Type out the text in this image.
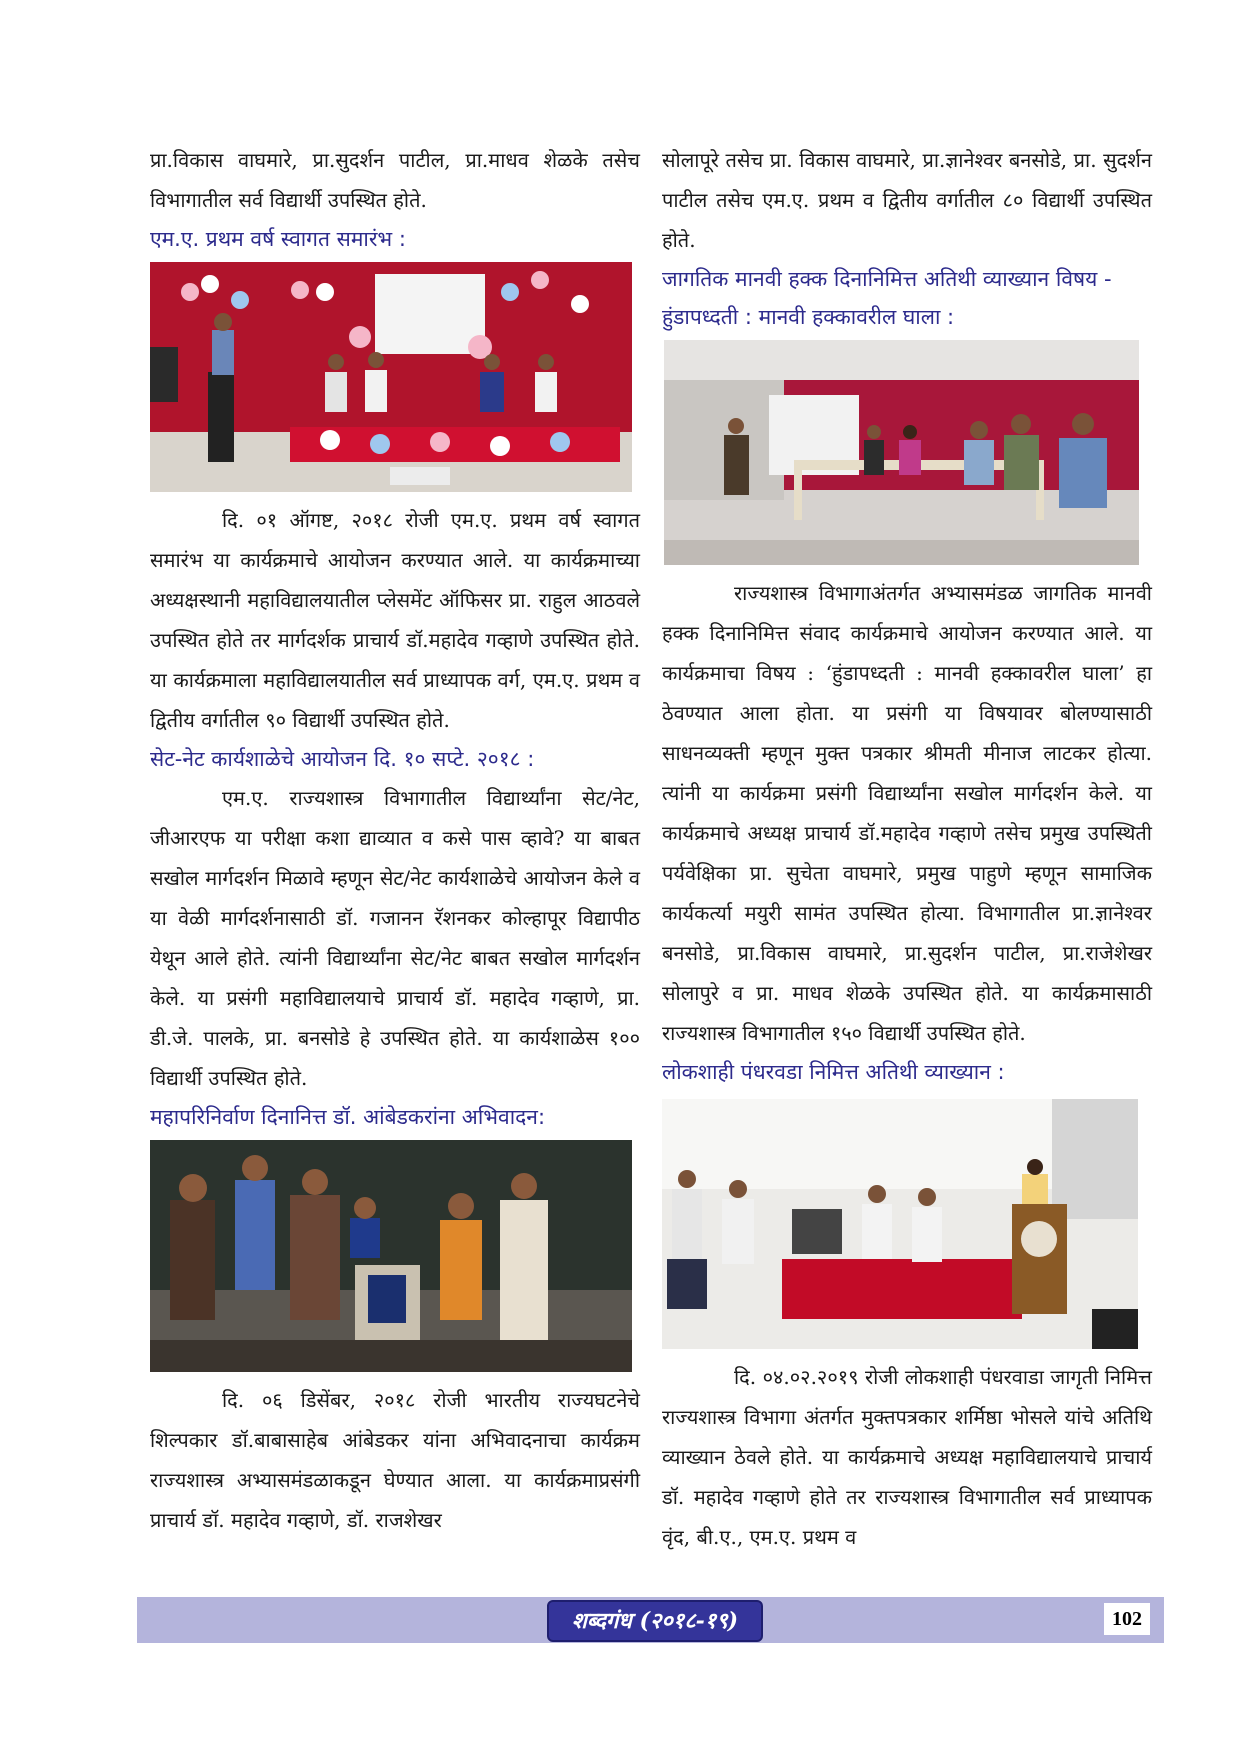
प्रा.विकास वाघमारे, प्रा.सुदर्शन पाटील, प्रा.माधव शेळके तसेच विभागातील सर्व विद्यार्थी उपस्थित होते.

एम.ए. प्रथम वर्ष स्वागत समारंभ :

दि. ०१ ऑगष्ट, २०१८ रोजी एम.ए. प्रथम वर्ष स्वागत समारंभ या कार्यक्रमाचे आयोजन करण्यात आले. या कार्यक्रमाच्या अध्यक्षस्थानी महाविद्यालयातील प्लेसमेंट ऑफिसर प्रा. राहुल आठवले उपस्थित होते तर मार्गदर्शक प्राचार्य डॉ.महादेव गव्हाणे उपस्थित होते. या कार्यक्रमाला महाविद्यालयातील सर्व प्राध्यापक वर्ग, एम.ए. प्रथम व द्वितीय वर्गातील ९० विद्यार्थी उपस्थित होते.

सेट-नेट कार्यशाळेचे आयोजन दि. १० सप्टे. २०१८ :

एम.ए. राज्यशास्त्र विभागातील विद्यार्थ्यांना सेट/नेट, जीआरएफ या परीक्षा कशा द्याव्यात व कसे पास व्हावे? या बाबत सखोल मार्गदर्शन मिळावे म्हणून सेट/नेट कार्यशाळेचे आयोजन केले व या वेळी मार्गदर्शनासाठी डॉ. गजानन रॅशनकर कोल्हापूर विद्यापीठ येथून आले होते. त्यांनी विद्यार्थ्यांना सेट/नेट बाबत सखोल मार्गदर्शन केले. या प्रसंगी महाविद्यालयाचे प्राचार्य डॉ. महादेव गव्हाणे, प्रा. डी.जे. पालके, प्रा. बनसोडे हे उपस्थित होते. या कार्यशाळेस १०० विद्यार्थी उपस्थित होते.

महापरिनिर्वाण दिनानित्त डॉ. आंबेडकरांना अभिवादन:

दि. ०६ डिसेंबर, २०१८ रोजी भारतीय राज्यघटनेचे शिल्पकार डॉ.बाबासाहेब आंबेडकर यांना अभिवादनाचा कार्यक्रम राज्यशास्त्र अभ्यासमंडळाकडून घेण्यात आला. या कार्यक्रमाप्रसंगी प्राचार्य डॉ. महादेव गव्हाणे, डॉ. राजशेखर

सोलापूरे तसेच प्रा. विकास वाघमारे, प्रा.ज्ञानेश्वर बनसोडे, प्रा. सुदर्शन पाटील तसेच एम.ए. प्रथम व द्वितीय वर्गातील ८० विद्यार्थी उपस्थित होते.

जागतिक मानवी हक्क दिनानिमित्त अतिथी व्याख्यान विषय - हुंडापध्दती : मानवी हक्कावरील घाला :

राज्यशास्त्र विभागाअंतर्गत अभ्यासमंडळ जागतिक मानवी हक्क दिनानिमित्त संवाद कार्यक्रमाचे आयोजन करण्यात आले. या कार्यक्रमाचा विषय : ‘हुंडापध्दती : मानवी हक्कावरील घाला’ हा ठेवण्यात आला होता. या प्रसंगी या विषयावर बोलण्यासाठी साधनव्यक्ती म्हणून मुक्त पत्रकार श्रीमती मीनाज लाटकर होत्या. त्यांनी या कार्यक्रमा प्रसंगी विद्यार्थ्यांना सखोल मार्गदर्शन केले. या कार्यक्रमाचे अध्यक्ष प्राचार्य डॉ.महादेव गव्हाणे तसेच प्रमुख उपस्थिती पर्यवेक्षिका प्रा. सुचेता वाघमारे, प्रमुख पाहुणे म्हणून सामाजिक कार्यकर्त्या मयुरी सामंत उपस्थित होत्या. विभागातील प्रा.ज्ञानेश्वर बनसोडे, प्रा.विकास वाघमारे, प्रा.सुदर्शन पाटील, प्रा.राजेशेखर सोलापुरे व प्रा. माधव शेळके उपस्थित होते. या कार्यक्रमासाठी राज्यशास्त्र विभागातील १५० विद्यार्थी उपस्थित होते.

लोकशाही पंधरवडा निमित्त अतिथी व्याख्यान :

दि. ०४.०२.२०१९ रोजी लोकशाही पंधरवाडा जागृती निमित्त राज्यशास्त्र विभागा अंतर्गत मुक्तपत्रकार शर्मिष्ठा भोसले यांचे अतिथि व्याख्यान ठेवले होते. या कार्यक्रमाचे अध्यक्ष महाविद्यालयाचे प्राचार्य डॉ. महादेव गव्हाणे होते तर राज्यशास्त्र विभागातील सर्व प्राध्यापक वृंद, बी.ए., एम.ए. प्रथम व

शब्दगंध (२०१८-१९)	102
